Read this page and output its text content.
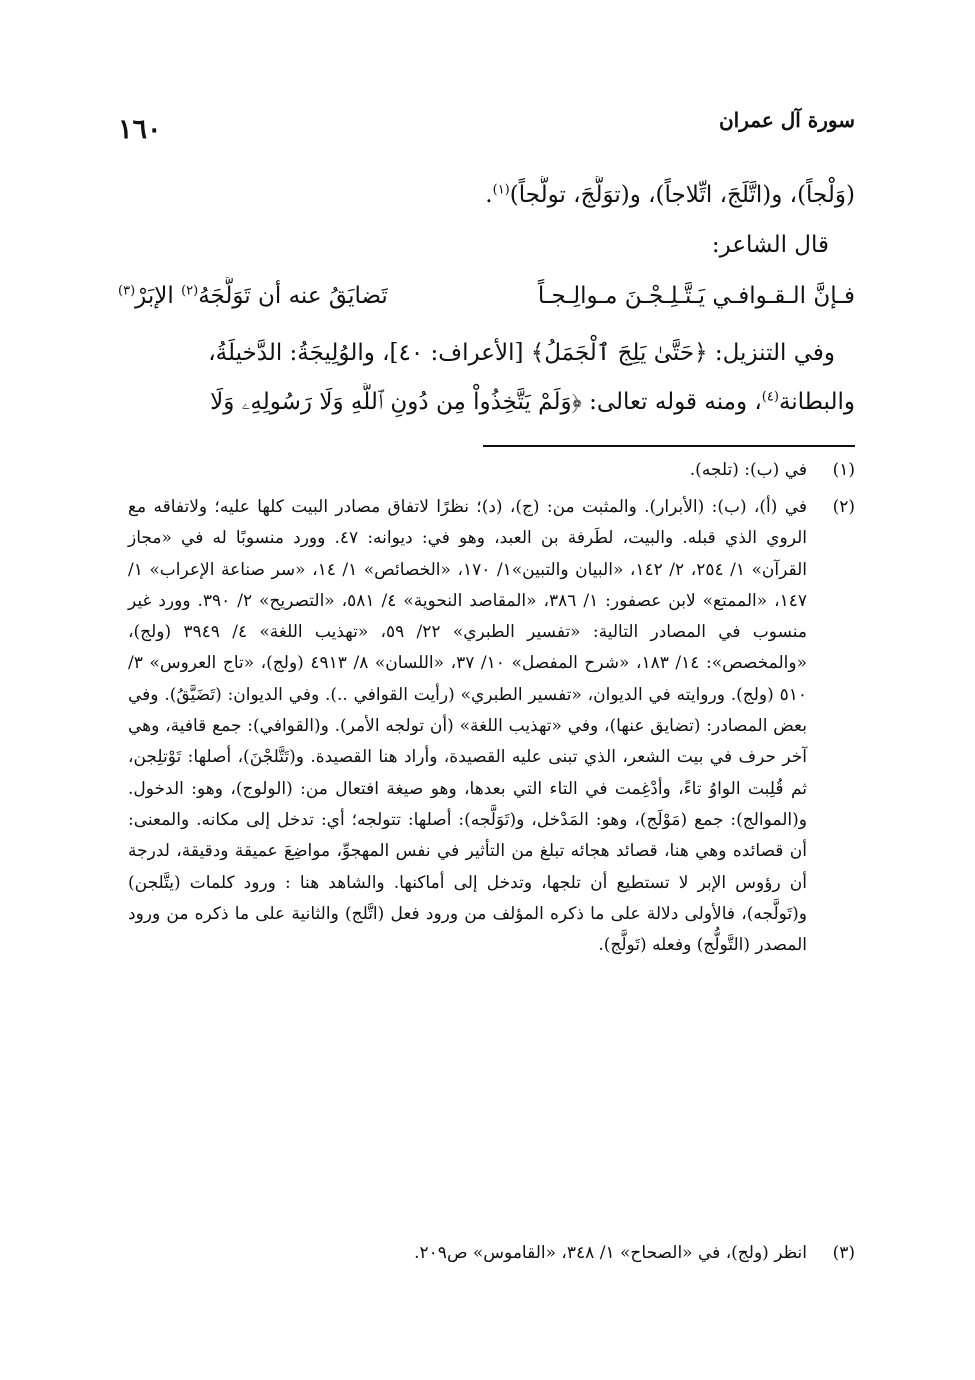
١٦٠	سورة آل عمران
(وَلْجاً)، و(اتَّلَجَ، اتِّلاجاً)، و(توَلَّجَ، تولُّجاً)$^{(١)}$.
قال الشاعر:
فـإنَّ الـقـوافـي يَـتَّـلِـجْـنَ مـوالِـجـاً
تَضايَقُ عنه أن تَوَلَّجَهُ$^{(٢)}$ الإبَرْ$^{(٣)}$
وفي التنزيل: ﴿حَتَّىٰ يَلِجَ ٱلْجَمَلُ﴾ [الأعراف: ٤٠]، والوُلِيجَةُ: الدَّخيلَةُ،
والبطانة$^{(٤)}$، ومنه قوله تعالى: ﴿وَلَمْ يَتَّخِذُواْ مِن دُونِ ٱللَّهِ وَلَا رَسُولِهِۦ وَلَا
(١)
في (ب): (تلجه).
(٢)
في (أ)، (ب): (الأبرار). والمثبت من: (ج)، (د)؛ نظرًا لاتفاق مصادر البيت كلها عليه؛ ولاتفاقه مع الروي الذي قبله. والبيت، لطَرفة بن العبد، وهو في: ديوانه: ٤٧. وورد منسوبًا له في «مجاز القرآن» ١/ ٢٥٤، ٢/ ١٤٢، «البيان والتبين»١/ ١٧٠، «الخصائص» ١/ ١٤، «سر صناعة الإعراب» ١/ ١٤٧، «الممتع» لابن عصفور: ١/ ٣٨٦، «المقاصد النحوية» ٤/ ٥٨١، «التصريح» ٢/ ٣٩٠. وورد غير منسوب في المصادر التالية: «تفسير الطبري» ٢٢/ ٥٩، «تهذيب اللغة» ٤/ ٣٩٤٩ (ولج)، «والمخصص»: ١٤/ ١٨٣، «شرح المفصل» ١٠/ ٣٧، «اللسان» ٨/ ٤٩١٣ (ولج)، «تاج العروس» ٣/ ٥١٠ (ولج). وروايته في الديوان، «تفسير الطبري» (رأيت القوافي ..). وفي الديوان: (تَضَيَّقُ). وفي بعض المصادر: (تضايق عنها)، وفي «تهذيب اللغة» (أن تولجه الأمر). و(القوافي): جمع قافية، وهي آخر حرف في بيت الشعر، الذي تبنى عليه القصيدة، وأراد هنا القصيدة. و(تَتَّلجْنَ)، أصلها: تَوْتلِجن، ثم قُلِبت الواوُ تاءً، وأدْغِمت في التاء التي بعدها، وهو صيغة افتعال من: (الولوج)، وهو: الدخول. و(الموالج): جمع (مَوْلَج)، وهو: المَدْخل، و(تَوَلَّجه): أصلها: تتولجه؛ أي: تدخل إلى مكانه. والمعنى: أن قصائده وهي هنا، قصائد هجائه تبلغ من التأثير في نفس المهجوِّ، مواضِعَ عميقة ودقيقة، لدرجة أن رؤوس الإبر لا تستطيع أن تلجها، وتدخل إلى أماكنها. والشاهد هنا : ورود كلمات (يتَّلجن) و(تَولَّجه)، فالأولى دلالة على ما ذكره المؤلف من ورود فعل (اتَّلج) والثانية على ما ذكره من ورود المصدر (التَّولُّج) وفعله (تَولَّج).
(٣)
انظر (ولج)، في «الصحاح» ١/ ٣٤٨، «القاموس» ص٢٠٩.
